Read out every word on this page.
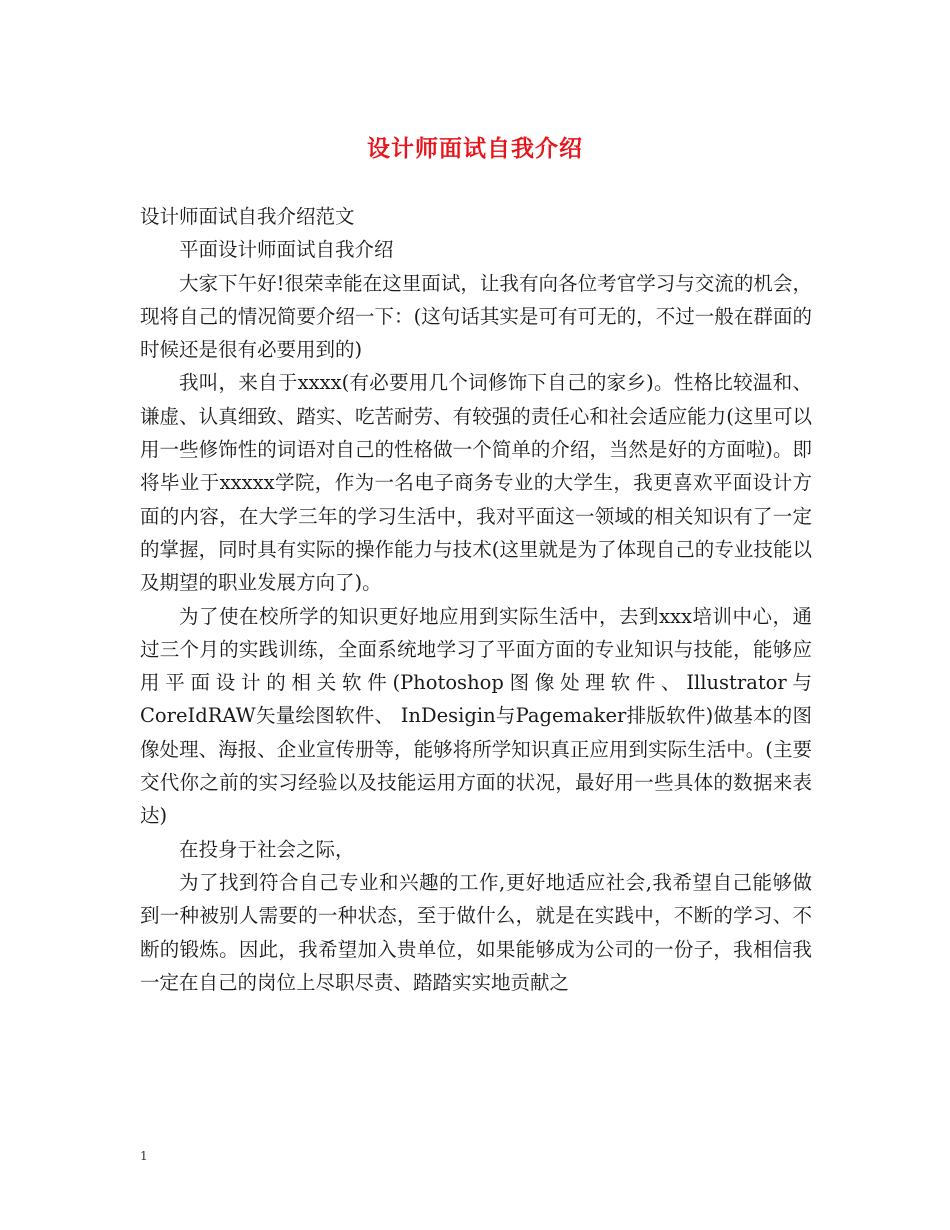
设计师面试自我介绍

设计师面试自我介绍范文

平面设计师面试自我介绍

大家下午好!很荣幸能在这里面试，让我有向各位考官学习与交流的机会，现将自己的情况简要介绍一下：(这句话其实是可有可无的，不过一般在群面的时候还是很有必要用到的)

我叫，来自于xxxx(有必要用几个词修饰下自己的家乡)。性格比较温和、谦虚、认真细致、踏实、吃苦耐劳、有较强的责任心和社会适应能力(这里可以用一些修饰性的词语对自己的性格做一个简单的介绍，当然是好的方面啦)。即将毕业于xxxxx学院，作为一名电子商务专业的大学生，我更喜欢平面设计方面的内容，在大学三年的学习生活中，我对平面这一领域的相关知识有了一定的掌握，同时具有实际的操作能力与技术(这里就是为了体现自己的专业技能以及期望的职业发展方向了)。

为了使在校所学的知识更好地应用到实际生活中，去到xxx培训中心，通过三个月的实践训练，全面系统地学习了平面方面的专业知识与技能，能够应用平面设计的相关软件(Photoshop图像处理软件、Illustrator与CoreIdRAW矢量绘图软件、 InDesigin与Pagemaker排版软件)做基本的图像处理、海报、企业宣传册等，能够将所学知识真正应用到实际生活中。(主要交代你之前的实习经验以及技能运用方面的状况，最好用一些具体的数据来表达)

在投身于社会之际，

为了找到符合自己专业和兴趣的工作,更好地适应社会,我希望自己能够做到一种被别人需要的一种状态，至于做什么，就是在实践中，不断的学习、不断的锻炼。因此，我希望加入贵单位，如果能够成为公司的一份子，我相信我一定在自己的岗位上尽职尽责、踏踏实实地贡献之

1
